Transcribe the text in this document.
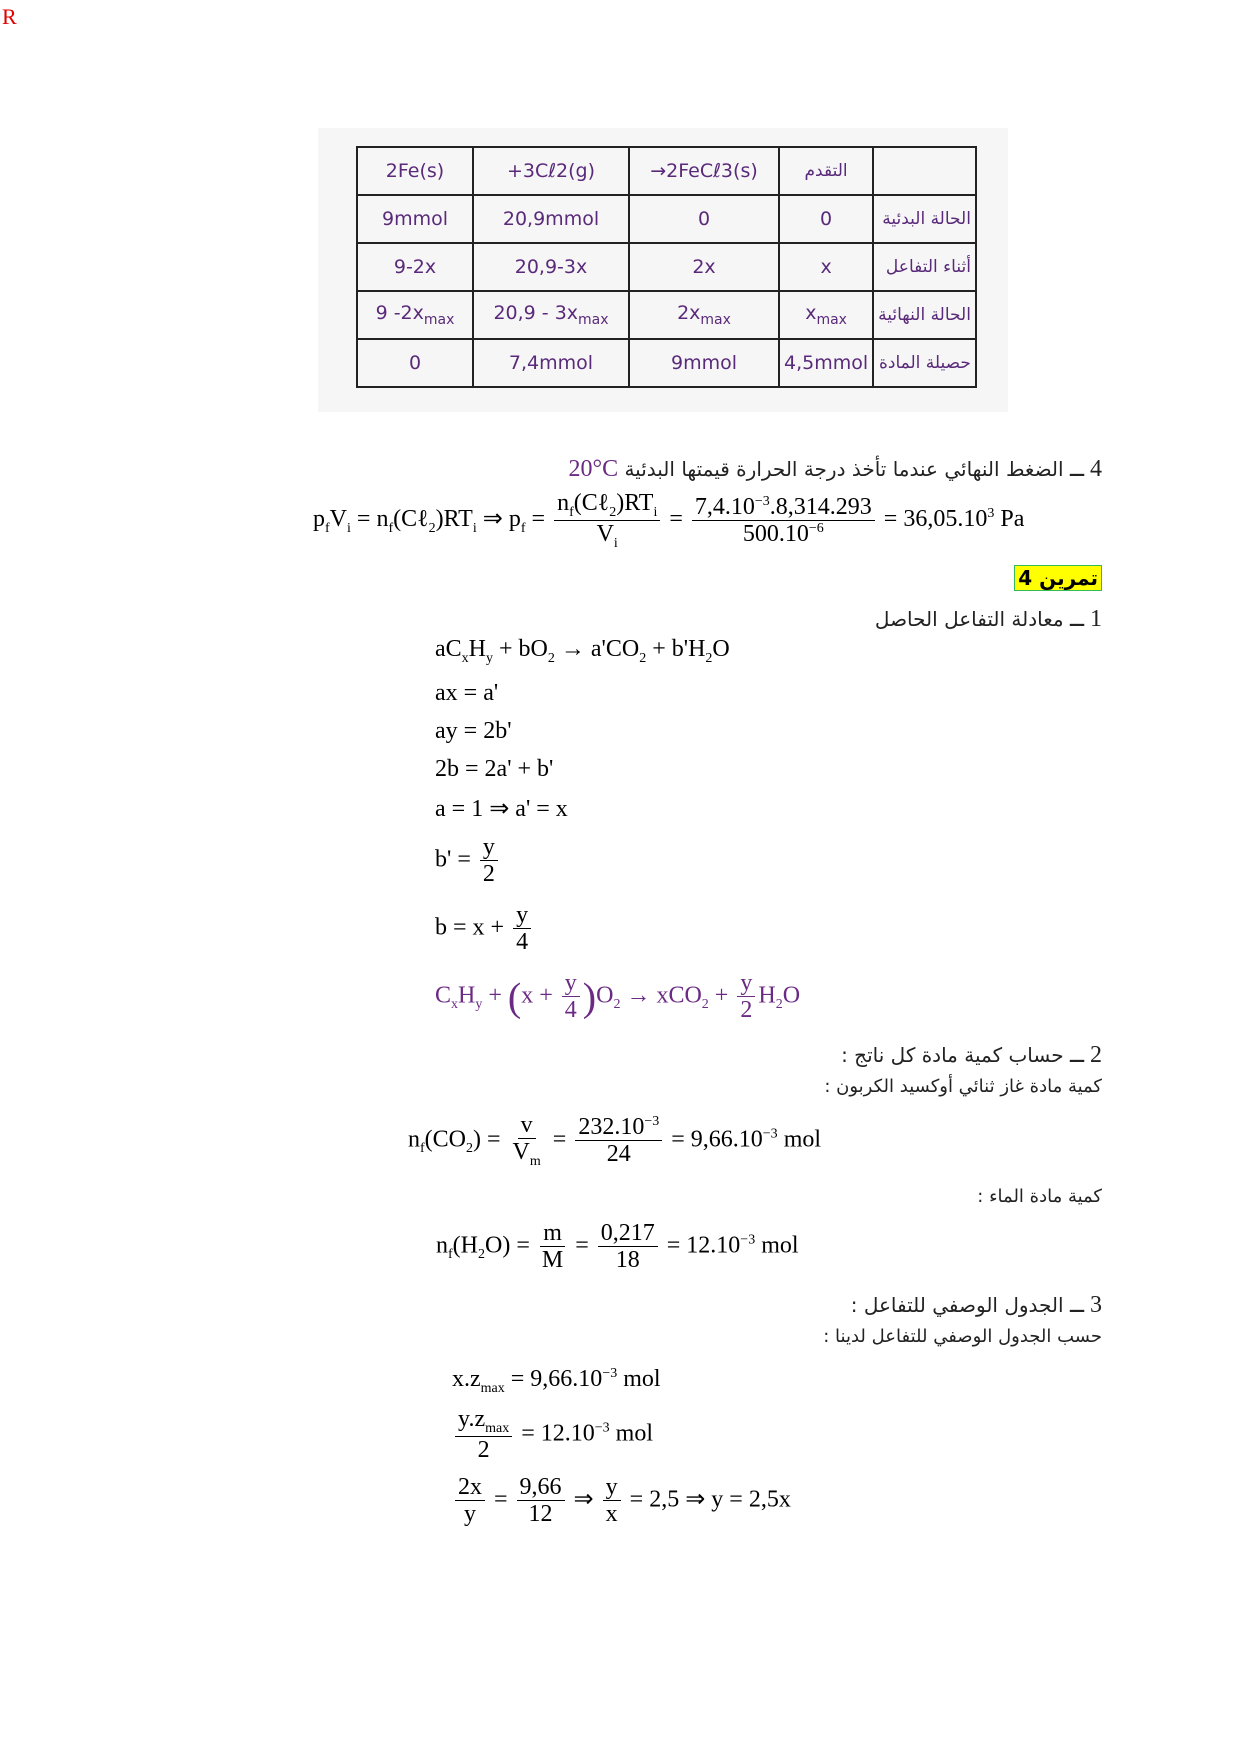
R
2Fe(s)	+3Cℓ2(g)	→2FeCℓ3(s)	التقدم	
9mmol	20,9mmol	0	0	الحالة البدئية
9-2x	20,9-3x	2x	x	أثناء التفاعل
9 $-2x_{max}$	$20,9 - 3x_{max}$	$2x_{max}$	$x_{max}$	الحالة النهائية
0	7,4mmol	9mmol	4,5mmol	حصيلة المادة
4 ــ الضغط النهائي عندما تأخذ درجة الحرارة قيمتها البدئية 20°C
$p_fV_i$ = $n_f(C\ell_2)RT_i$ ⇒ $p_f = \frac{n_f(C\ell_2)RT_i}{V_i} = \frac{7,4.10^{-3}.8,314.293}{500.10^{-6}} = 36,05.10^3$ Pa
تمرين 4
1 ــ معادلة التفاعل الحاصل
$aC_xH_y + bO_2 \to a'CO_2 + b'H_2O$
ax = a'
ay = 2b'
2b = 2a' + b'
a = 1 ⇒ a' = x
$b' = \frac{y}{2}$
$b = x + \frac{y}{4}$
$C_xH_y + (x + \frac{y}{4} )O_2 \to xCO_2 + \frac{y}{2} H_2O$
2 ــ حساب كمية مادة كل ناتج :
كمية مادة غاز ثنائي أوكسيد الكربون :
$n_f(CO_2) = \frac{v}{V_m} = \frac{232.10^{-3}}{24} = 9,66.10^{-3}$ mol
كمية مادة الماء :
$n_f(H_2O) = \frac{m}{M} = \frac{0,217}{18} = 12.10^{-3}$ mol
3 ــ الجدول الوصفي للتفاعل :
حسب الجدول الوصفي للتفاعل لدينا :
$x.z_{max} = 9,66.10^{-3}$ mol
$\frac{y.z_{max}}{2} = 12.10^{-3}$ mol
$\frac{2x}{y} = \frac{9,66}{12}$ ⇒ $\frac{y}{x} = 2,5$ ⇒ y = 2,5x
